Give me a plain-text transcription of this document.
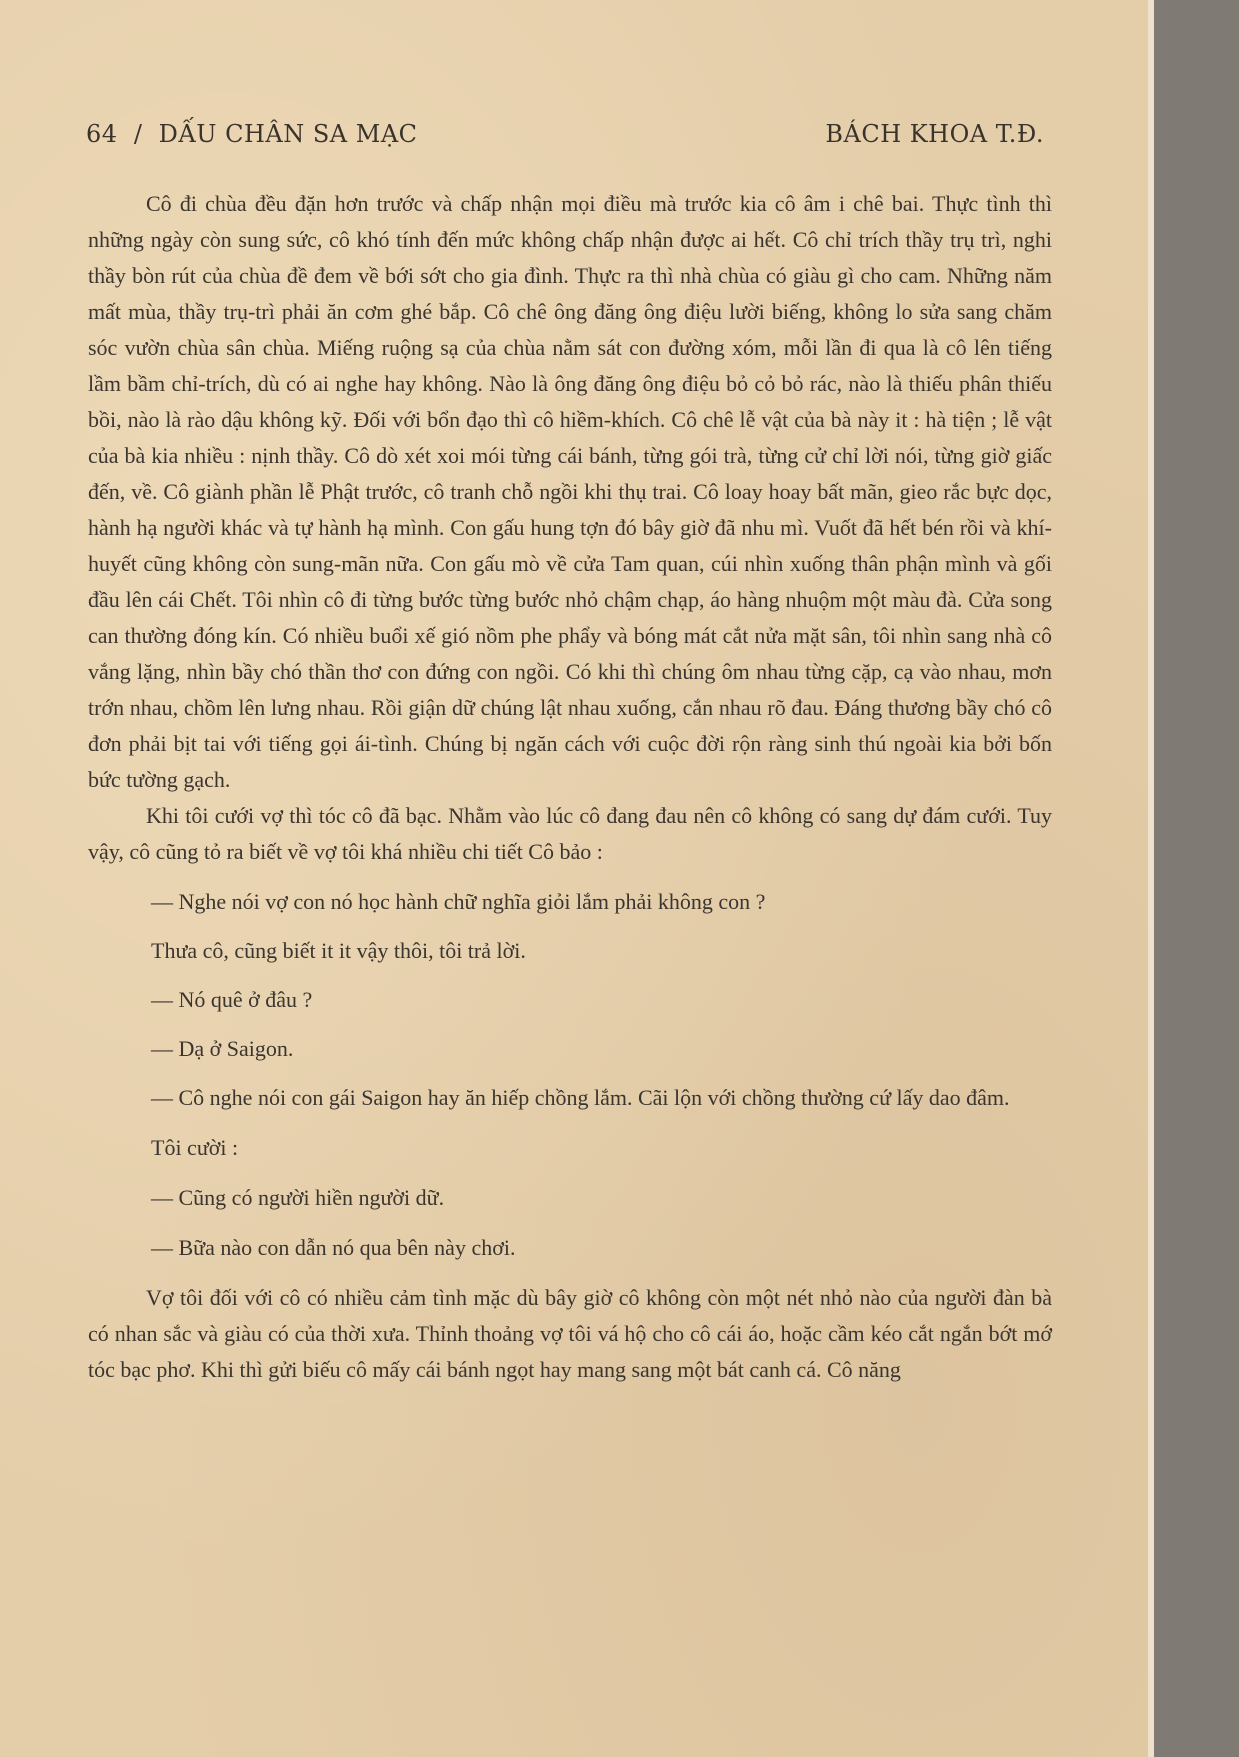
64 / DẤU CHÂN SA MẠC	BÁCH KHOA T.Đ.

Cô đi chùa đều đặn hơn trước và chấp nhận mọi điều mà trước kia cô âm i chê bai. Thực tình thì những ngày còn sung sức, cô khó tính đến mức không chấp nhận được ai hết. Cô chỉ trích thầy trụ trì, nghi thầy bòn rút của chùa đề đem về bới sớt cho gia đình. Thực ra thì nhà chùa có giàu gì cho cam. Những năm mất mùa, thầy trụ-trì phải ăn cơm ghé bắp. Cô chê ông đăng ông điệu lười biếng, không lo sửa sang chăm sóc vườn chùa sân chùa. Miếng ruộng sạ của chùa nằm sát con đường xóm, mỗi lần đi qua là cô lên tiếng lầm bầm chỉ-trích, dù có ai nghe hay không. Nào là ông đăng ông điệu bỏ cỏ bỏ rác, nào là thiếu phân thiếu bồi, nào là rào dậu không kỹ. Đối với bổn đạo thì cô hiềm-khích. Cô chê lễ vật của bà này it : hà tiện ; lễ vật của bà kia nhiều : nịnh thầy. Cô dò xét xoi mói từng cái bánh, từng gói trà, từng cử chỉ lời nói, từng giờ giấc đến, về. Cô giành phần lễ Phật trước, cô tranh chỗ ngồi khi thụ trai. Cô loay hoay bất mãn, gieo rắc bực dọc, hành hạ người khác và tự hành hạ mình. Con gấu hung tợn đó bây giờ đã nhu mì. Vuốt đã hết bén rồi và khí-huyết cũng không còn sung-mãn nữa. Con gấu mò về cửa Tam quan, cúi nhìn xuống thân phận mình và gối đầu lên cái Chết. Tôi nhìn cô đi từng bước từng bước nhỏ chậm chạp, áo hàng nhuộm một màu đà. Cửa song can thường đóng kín. Có nhiều buổi xế gió nồm phe phẩy và bóng mát cắt nửa mặt sân, tôi nhìn sang nhà cô vắng lặng, nhìn bầy chó thần thơ con đứng con ngồi. Có khi thì chúng ôm nhau từng cặp, cạ vào nhau, mơn trớn nhau, chồm lên lưng nhau. Rồi giận dữ chúng lật nhau xuống, cắn nhau rõ đau. Đáng thương bầy chó cô đơn phải bịt tai với tiếng gọi ái-tình. Chúng bị ngăn cách với cuộc đời rộn ràng sinh thú ngoài kia bởi bốn bức tường gạch.

Khi tôi cưới vợ thì tóc cô đã bạc. Nhằm vào lúc cô đang đau nên cô không có sang dự đám cưới. Tuy vậy, cô cũng tỏ ra biết về vợ tôi khá nhiều chi tiết Cô bảo :

— Nghe nói vợ con nó học hành chữ nghĩa giỏi lắm phải không con ?

Thưa cô, cũng biết it it vậy thôi, tôi trả lời.

— Nó quê ở đâu ?

— Dạ ở Saigon.

— Cô nghe nói con gái Saigon hay ăn hiếp chồng lắm. Cãi lộn với chồng thường cứ lấy dao đâm.

Tôi cười :

— Cũng có người hiền người dữ.

— Bữa nào con dẫn nó qua bên này chơi.

Vợ tôi đối với cô có nhiều cảm tình mặc dù bây giờ cô không còn một nét nhỏ nào của người đàn bà có nhan sắc và giàu có của thời xưa. Thỉnh thoảng vợ tôi vá hộ cho cô cái áo, hoặc cầm kéo cắt ngắn bớt mớ tóc bạc phơ. Khi thì gửi biếu cô mấy cái bánh ngọt hay mang sang một bát canh cá. Cô năng
